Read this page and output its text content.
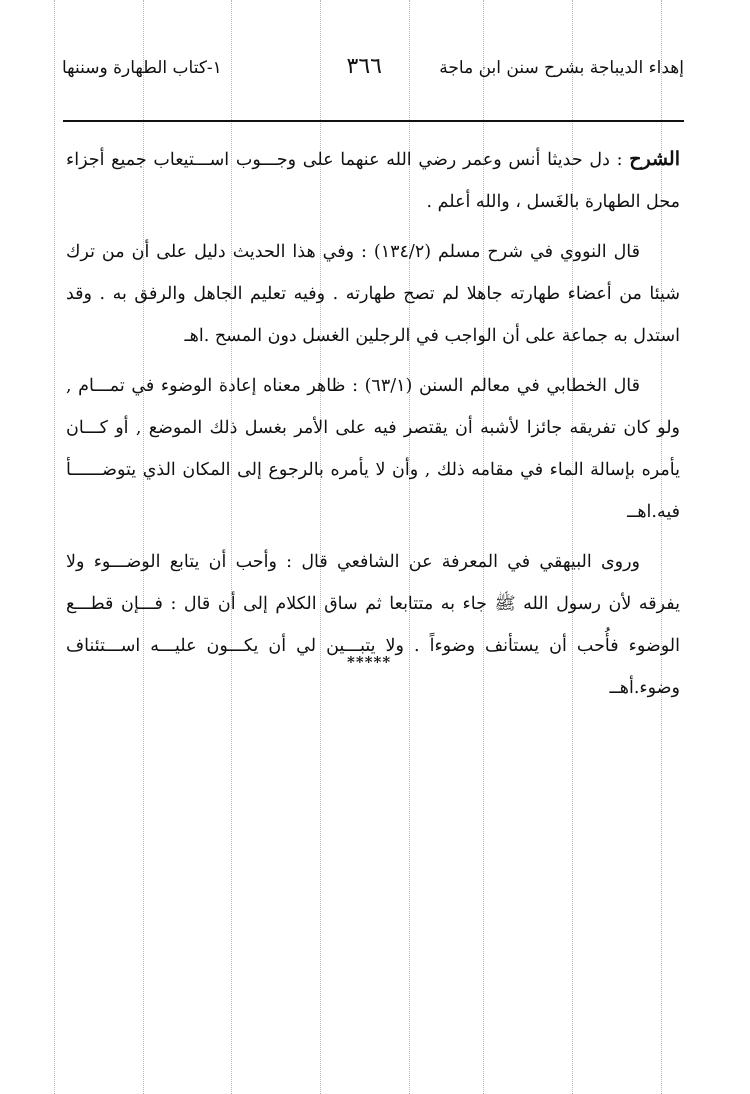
إهداء الديباجة بشرح سنن ابن ماجة
٣٦٦
١-كتاب الطهارة وسننها

الشرح : دل حديثا أنس وعمر رضي الله عنهما على وجـــوب اســـتيعاب جميع أجزاء محل الطهارة بالغَسل ، والله أعلم .

قال النووي في شرح مسلم (١٣٤/٢) : وفي هذا الحديث دليل على أن من ترك شيئا من أعضاء طهارته جاهلا لم تصح طهارته . وفيه تعليم الجاهل والرفق به . وقد استدل به جماعة على أن الواجب في الرجلين الغسل دون المسح .اهـ

قال الخطابي في معالم السنن (٦٣/١) : ظاهر معناه إعادة الوضوء في تمـــام , ولو كان تفريقه جائزا لأشبه أن يقتصر فيه على الأمر بغسل ذلك الموضع , أو كـــان يأمره بإسالة الماء في مقامه ذلك , وأن لا يأمره بالرجوع إلى المكان الذي يتوضــــــأ فيه.اهــ

وروى البيهقي في المعرفة عن الشافعي قال : وأحب أن يتابع الوضـــوء ولا يفرقه لأن رسول الله ﷺ جاء به متتابعا ثم ساق الكلام إلى أن قال : فـــإن قطـــع الوضوء فأُحب أن يستأنف وضوءاً . ولا يتبـــين لي أن يكـــون عليـــه اســـتئناف وضوء.أهــ

*****
